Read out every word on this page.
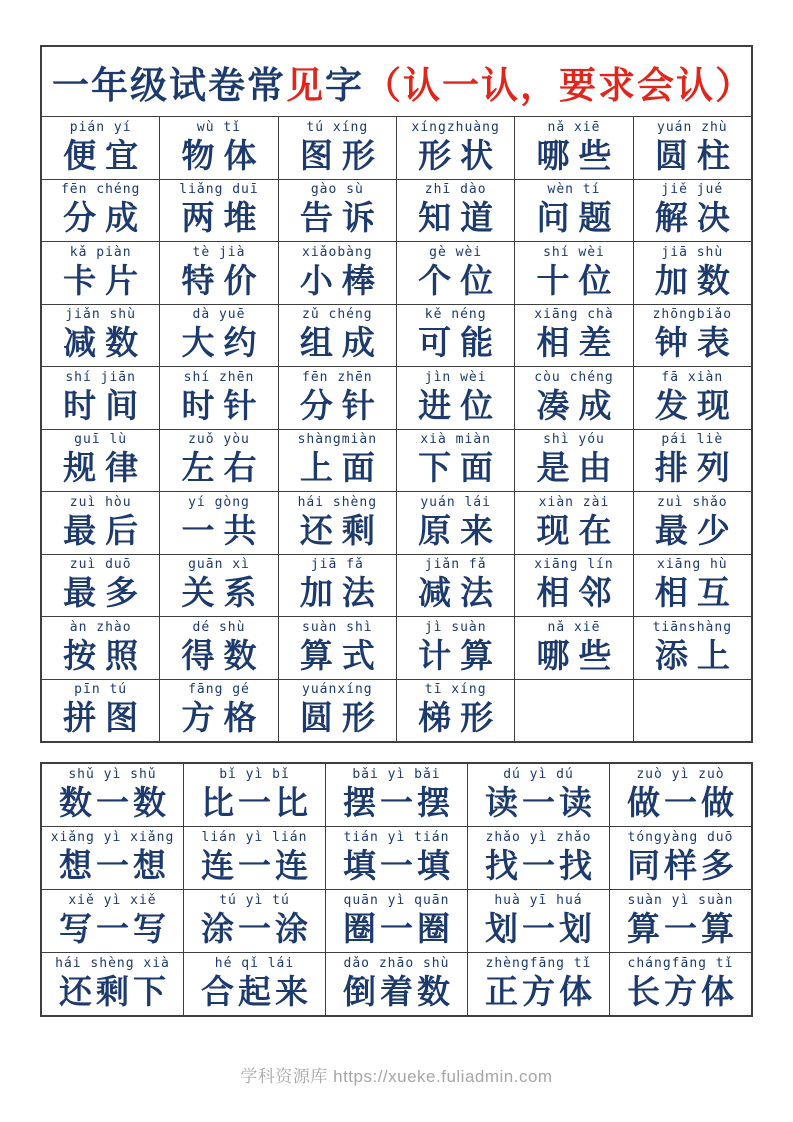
一年级试卷常 见 字 （认一认，要求会认）
pián yí
便宜
wù tǐ
物体
tú xíng
图形
xíngzhuàng
形状
nǎ xiē
哪些
yuán zhù
圆柱
fēn chéng
分成
liǎng duī
两堆
gào sù
告诉
zhī dào
知道
wèn tí
问题
jiě jué
解决
kǎ piàn
卡片
tè jià
特价
xiǎobàng
小棒
gè wèi
个位
shí wèi
十位
jiā shù
加数
jiǎn shù
减数
dà yuē
大约
zǔ chéng
组成
kě néng
可能
xiāng chà
相差
zhōngbiǎo
钟表
shí jiān
时间
shí zhēn
时针
fēn zhēn
分针
jìn wèi
进位
còu chéng
凑成
fā xiàn
发现
guī lù
规律
zuǒ yòu
左右
shàngmiàn
上面
xià miàn
下面
shì yóu
是由
pái liè
排列
zuì hòu
最后
yí gòng
一共
hái shèng
还剩
yuán lái
原来
xiàn zài
现在
zuì shǎo
最少
zuì duō
最多
guān xì
关系
jiā fǎ
加法
jiǎn fǎ
减法
xiāng lín
相邻
xiāng hù
相互
àn zhào
按照
dé shù
得数
suàn shì
算式
jì suàn
计算
nǎ xiē
哪些
tiānshàng
添上
pīn tú
拼图
fāng gé
方格
yuánxíng
圆形
tī xíng
梯形
shǔ yì shǔ
数一数
bǐ yì bǐ
比一比
bǎi yì bǎi
摆一摆
dú yì dú
读一读
zuò yì zuò
做一做
xiǎng yì xiǎng
想一想
lián yì lián
连一连
tián yì tián
填一填
zhǎo yì zhǎo
找一找
tóngyàng duō
同样多
xiě yì xiě
写一写
tú yì tú
涂一涂
quān yì quān
圈一圈
huà yī huá
划一划
suàn yì suàn
算一算
hái shèng xià
还剩下
hé qǐ lái
合起来
dǎo zhāo shù
倒着数
zhèngfāng tǐ
正方体
chángfāng tǐ
长方体
学科资源库 https://xueke.fuliadmin.com
